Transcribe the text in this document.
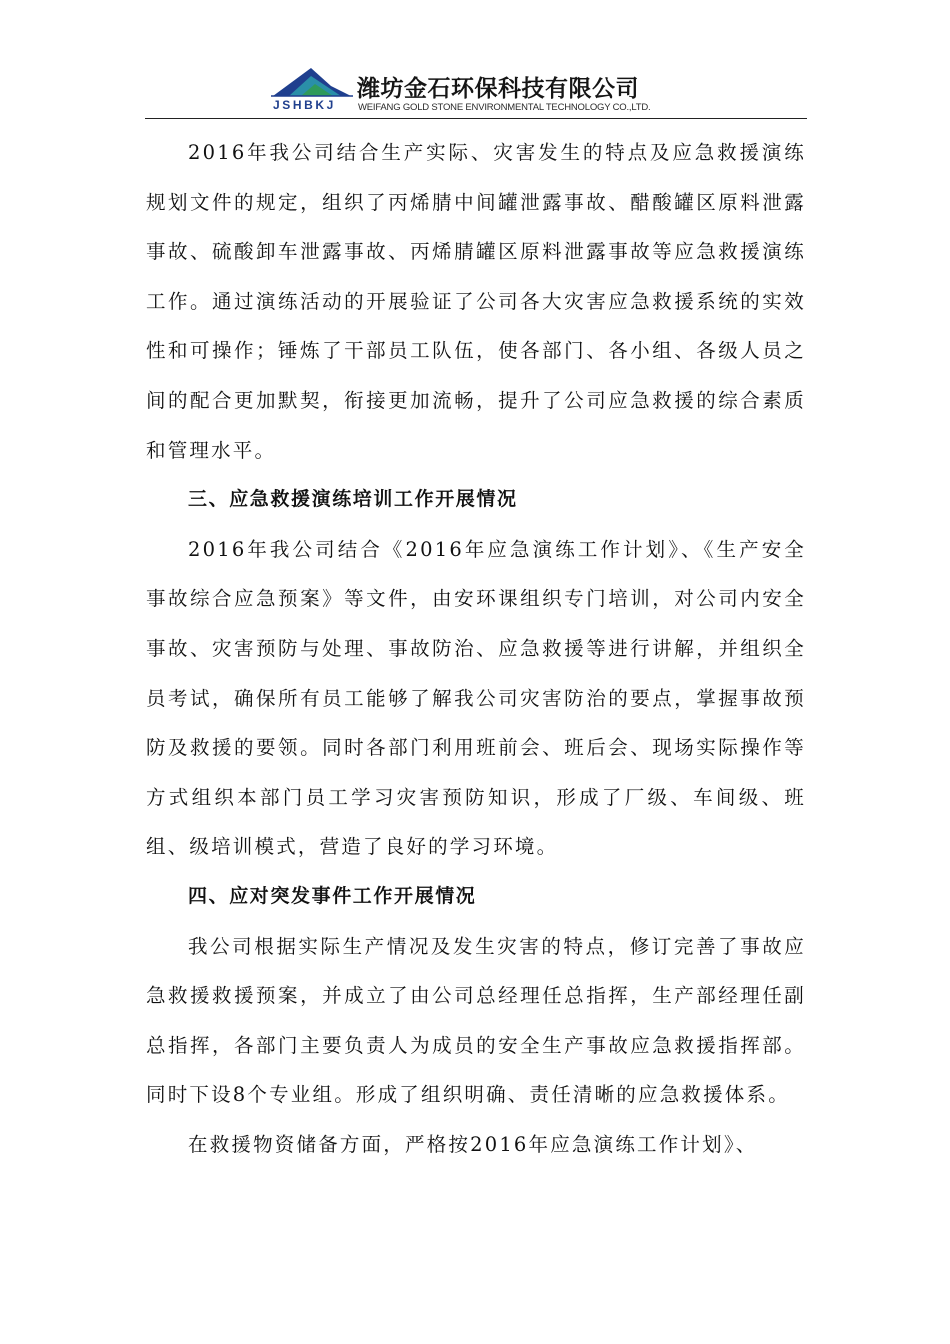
JSHBKJ
潍坊金石环保科技有限公司
WEIFANG GOLD STONE ENVIRONMENTAL TECHNOLOGY CO.,LTD.

2016年我公司结合生产实际、灾害发生的特点及应急救援演练规划文件的规定，组织了丙烯腈中间罐泄露事故、醋酸罐区原料泄露事故、硫酸卸车泄露事故、丙烯腈罐区原料泄露事故等应急救援演练工作。通过演练活动的开展验证了公司各大灾害应急救援系统的实效性和可操作；锤炼了干部员工队伍，使各部门、各小组、各级人员之间的配合更加默契，衔接更加流畅，提升了公司应急救援的综合素质和管理水平。

三、应急救援演练培训工作开展情况

2016年我公司结合《2016年应急演练工作计划》、《生产安全事故综合应急预案》等文件，由安环课组织专门培训，对公司内安全事故、灾害预防与处理、事故防治、应急救援等进行讲解，并组织全员考试，确保所有员工能够了解我公司灾害防治的要点，掌握事故预防及救援的要领。同时各部门利用班前会、班后会、现场实际操作等方式组织本部门员工学习灾害预防知识，形成了厂级、车间级、班组、级培训模式，营造了良好的学习环境。

四、应对突发事件工作开展情况

我公司根据实际生产情况及发生灾害的特点，修订完善了事故应急救援救援预案，并成立了由公司总经理任总指挥，生产部经理任副总指挥，各部门主要负责人为成员的安全生产事故应急救援指挥部。同时下设8个专业组。形成了组织明确、责任清晰的应急救援体系。

在救援物资储备方面，严格按2016年应急演练工作计划》、
